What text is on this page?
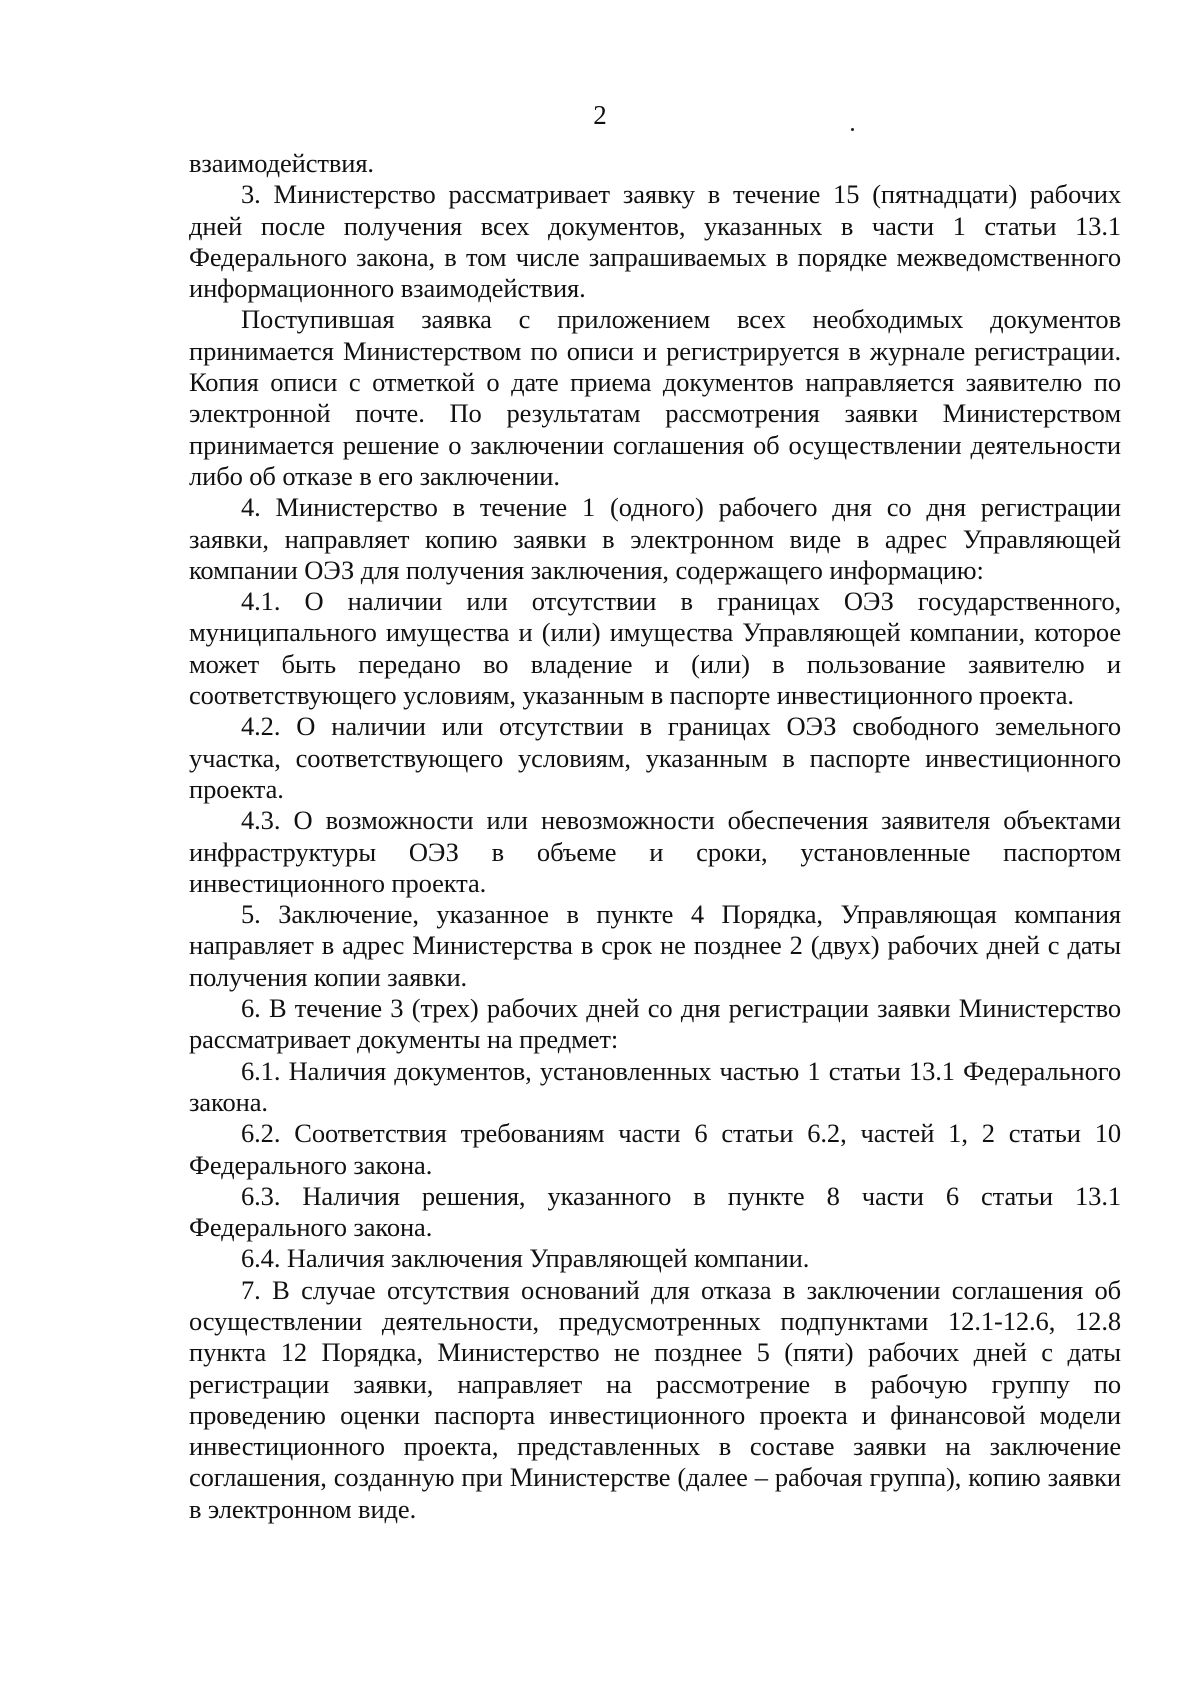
2

взаимодействия.

3. Министерство рассматривает заявку в течение 15 (пятнадцати) рабочих дней после получения всех документов, указанных в части 1 статьи 13.1 Федерального закона, в том числе запрашиваемых в порядке межведомственного информационного взаимодействия.

Поступившая заявка с приложением всех необходимых документов принимается Министерством по описи и регистрируется в журнале регистрации. Копия описи с отметкой о дате приема документов направляется заявителю по электронной почте. По результатам рассмотрения заявки Министерством принимается решение о заключении соглашения об осуществлении деятельности либо об отказе в его заключении.

4. Министерство в течение 1 (одного) рабочего дня со дня регистрации заявки, направляет копию заявки в электронном виде в адрес Управляющей компании ОЭЗ для получения заключения, содержащего информацию:

4.1. О наличии или отсутствии в границах ОЭЗ государственного, муниципального имущества и (или) имущества Управляющей компании, которое может быть передано во владение и (или) в пользование заявителю и соответствующего условиям, указанным в паспорте инвестиционного проекта.

4.2. О наличии или отсутствии в границах ОЭЗ свободного земельного участка, соответствующего условиям, указанным в паспорте инвестиционного проекта.

4.3. О возможности или невозможности обеспечения заявителя объектами инфраструктуры ОЭЗ в объеме и сроки, установленные паспортом инвестиционного проекта.

5. Заключение, указанное в пункте 4 Порядка, Управляющая компания направляет в адрес Министерства в срок не позднее 2 (двух) рабочих дней с даты получения копии заявки.

6. В течение 3 (трех) рабочих дней со дня регистрации заявки Министерство рассматривает документы на предмет:

6.1. Наличия документов, установленных частью 1 статьи 13.1 Федерального закона.

6.2. Соответствия требованиям части 6 статьи 6.2, частей 1, 2 статьи 10 Федерального закона.

6.3. Наличия решения, указанного в пункте 8 части 6 статьи 13.1 Федерального закона.

6.4. Наличия заключения Управляющей компании.

7. В случае отсутствия оснований для отказа в заключении соглашения об осуществлении деятельности, предусмотренных подпунктами 12.1-12.6, 12.8 пункта 12 Порядка, Министерство не позднее 5 (пяти) рабочих дней с даты регистрации заявки, направляет на рассмотрение в рабочую группу по проведению оценки паспорта инвестиционного проекта и финансовой модели инвестиционного проекта, представленных в составе заявки на заключение соглашения, созданную при Министерстве (далее – рабочая группа), копию заявки в электронном виде.
